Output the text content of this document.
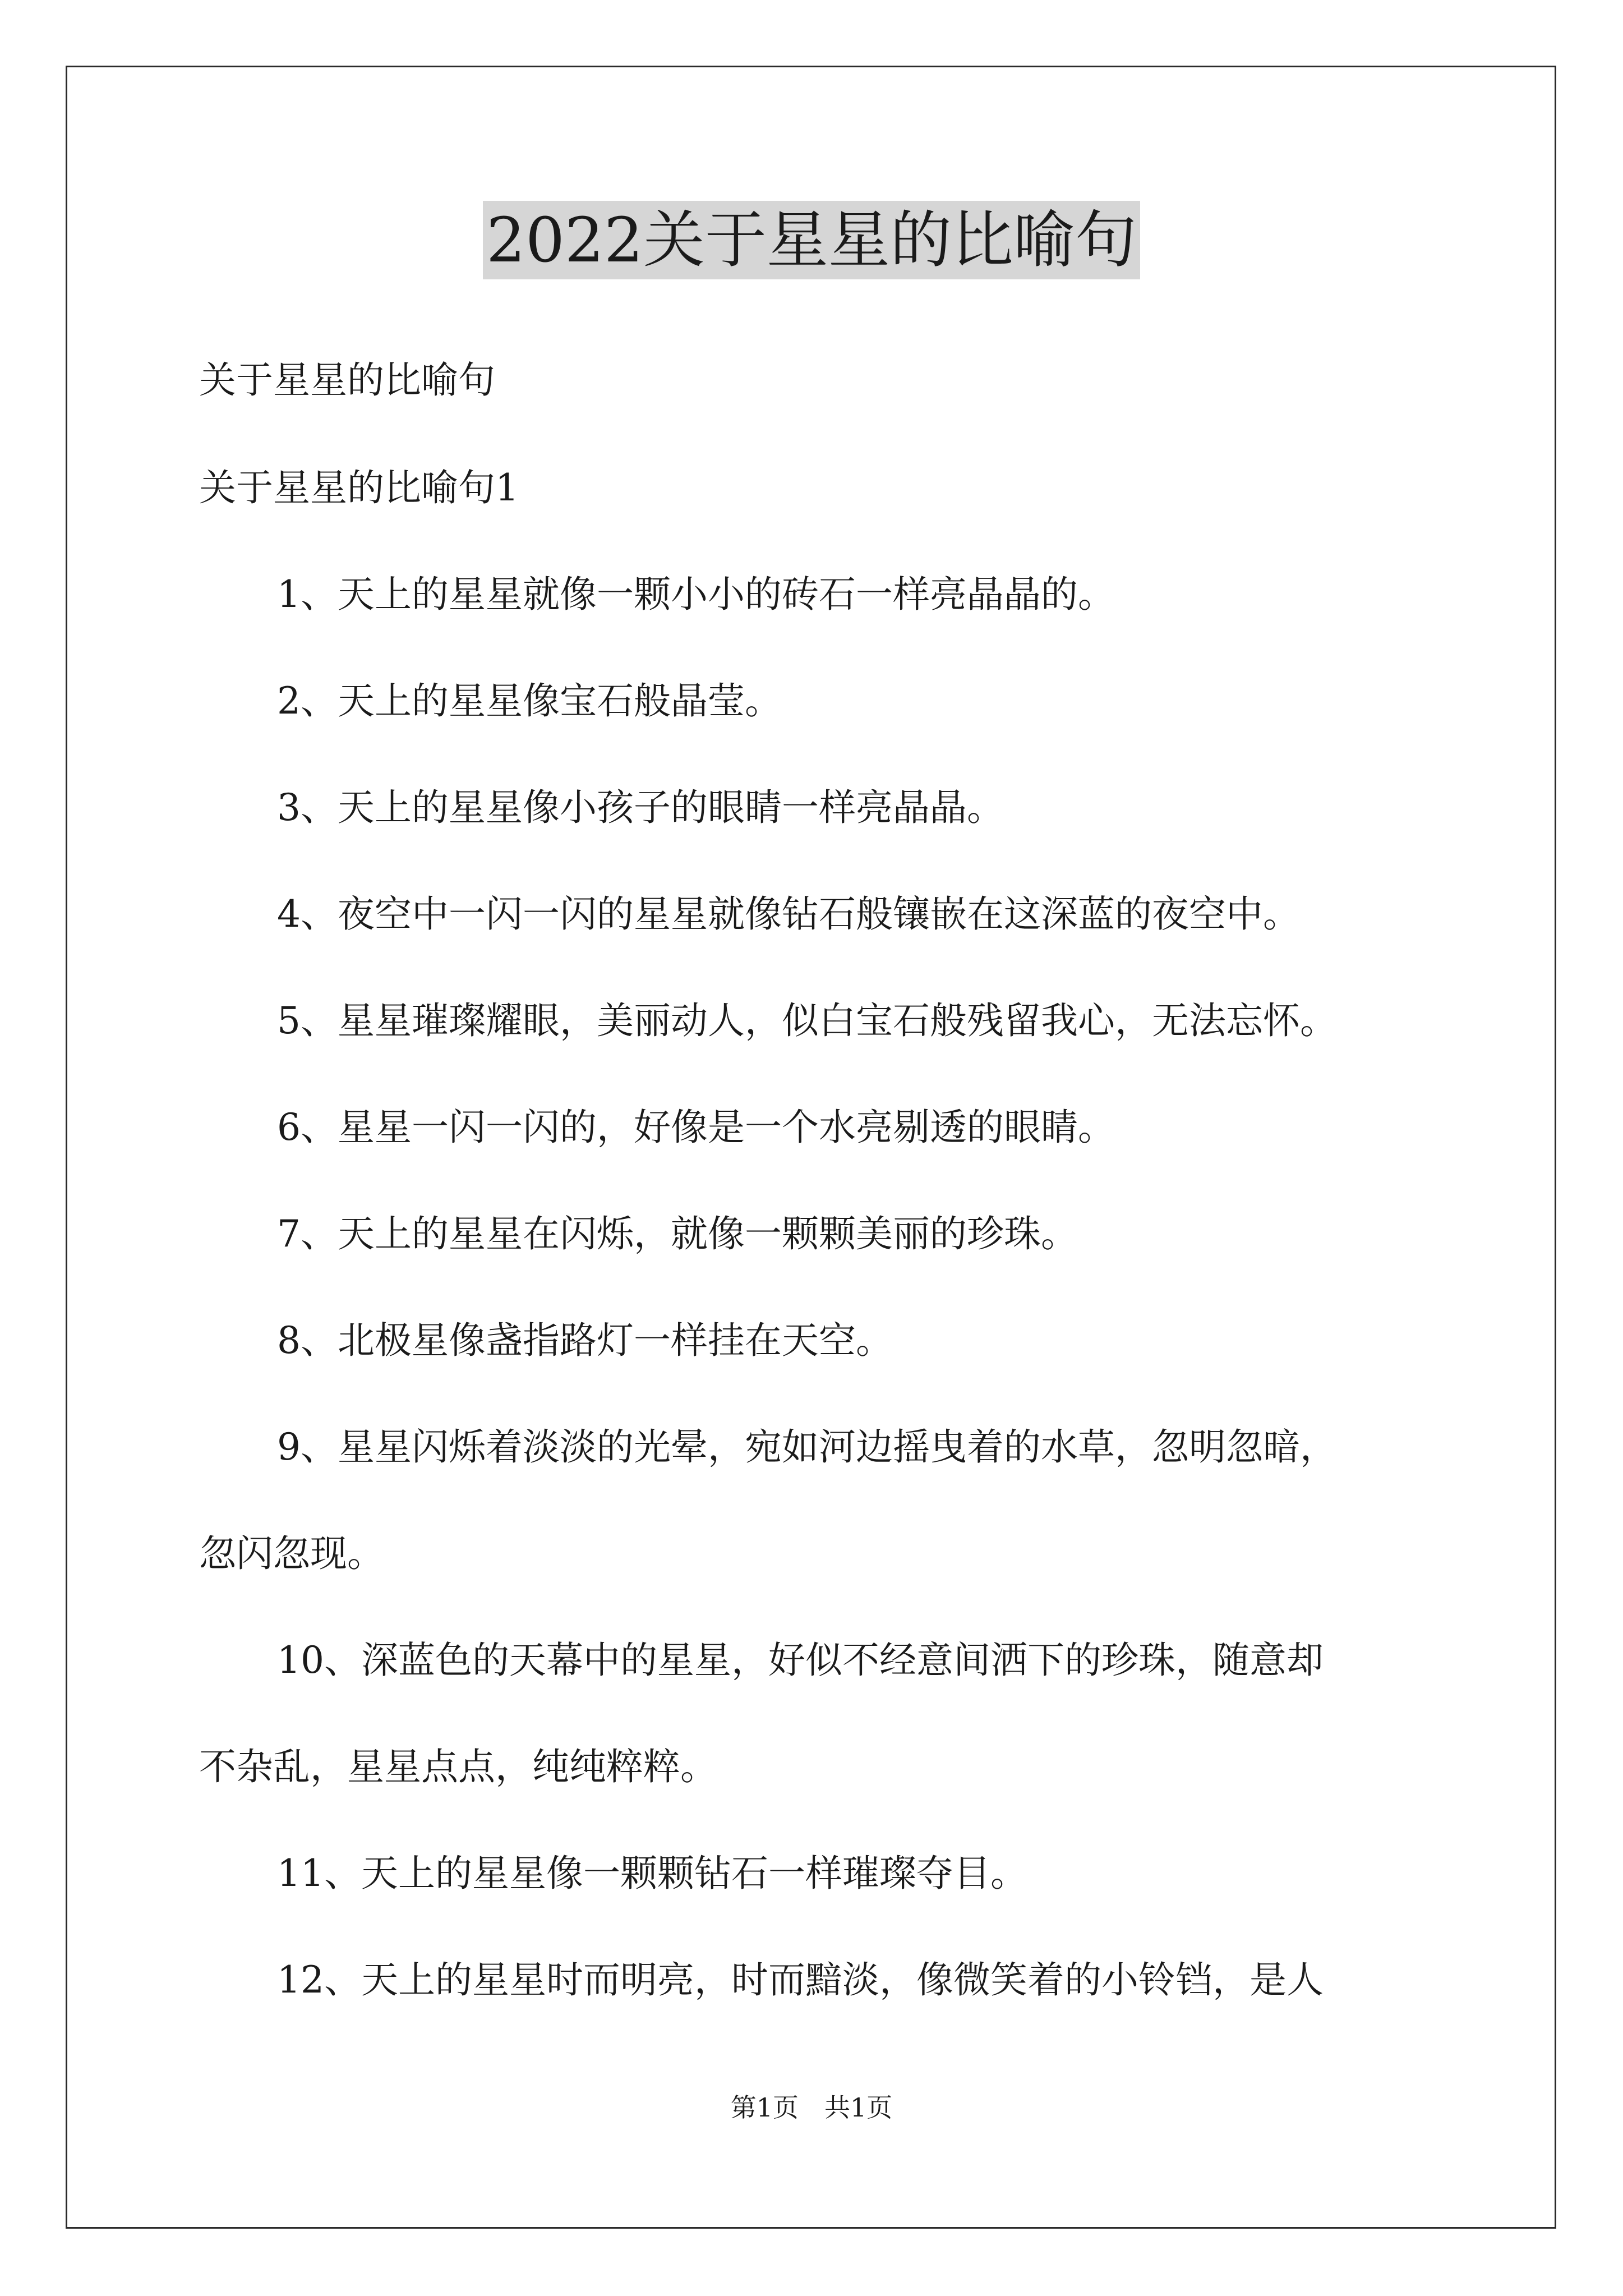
2022关于星星的比喻句
关于星星的比喻句
关于星星的比喻句1
1、天上的星星就像一颗小小的砖石一样亮晶晶的。
2、天上的星星像宝石般晶莹。
3、天上的星星像小孩子的眼睛一样亮晶晶。
4、夜空中一闪一闪的星星就像钻石般镶嵌在这深蓝的夜空中。
5、星星璀璨耀眼，美丽动人，似白宝石般残留我心，无法忘怀。
6、星星一闪一闪的，好像是一个水亮剔透的眼睛。
7、天上的星星在闪烁，就像一颗颗美丽的珍珠。
8、北极星像盏指路灯一样挂在天空。
9、星星闪烁着淡淡的光晕，宛如河边摇曳着的水草，忽明忽暗，
忽闪忽现。
10、深蓝色的天幕中的星星，好似不经意间洒下的珍珠，随意却
不杂乱，星星点点，纯纯粹粹。
11、天上的星星像一颗颗钻石一样璀璨夺目。
12、天上的星星时而明亮，时而黯淡，像微笑着的小铃铛，是人
第1页　共1页
